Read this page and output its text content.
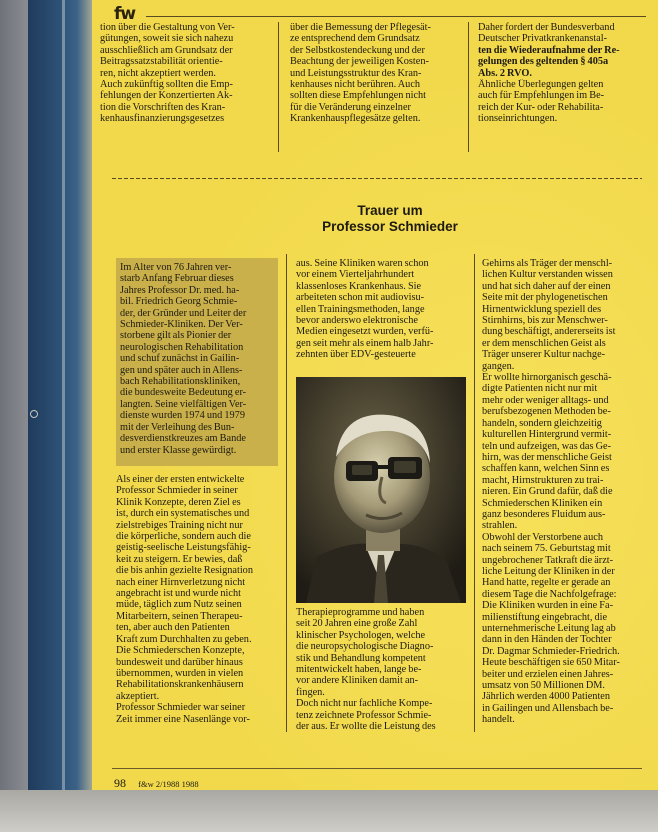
fw
tion über die Gestaltung von Ver-
gütungen, soweit sie sich nahezu
ausschließlich am Grundsatz der
Beitragssatzstabilität orientie-
ren, nicht akzeptiert werden.
Auch zukünftig sollten die Emp-
fehlungen der Konzertierten Ak-
tion die Vorschriften des Kran-
kenhausfinanzierungsgesetzes
über die Bemessung der Pflegesät-
ze entsprechend dem Grundsatz
der Selbstkostendeckung und der
Beachtung der jeweiligen Kosten-
und Leistungsstruktur des Kran-
kenhauses nicht berühren. Auch
sollten diese Empfehlungen nicht
für die Veränderung einzelner
Krankenhauspflegesätze gelten.
Daher fordert der Bundesverband
Deutscher Privatkrankenanstal-
ten die Wiederaufnahme der Re-
gelungen des geltenden § 405a
Abs. 2 RVO.
Ähnliche Überlegungen gelten
auch für Empfehlungen im Be-
reich der Kur- oder Rehabilita-
tionseinrichtungen.
Trauer um
Professor Schmieder
Im Alter von 76 Jahren ver-
starb Anfang Februar dieses
Jahres Professor Dr. med. ha-
bil. Friedrich Georg Schmie-
der, der Gründer und Leiter der
Schmieder-Kliniken. Der Ver-
storbene gilt als Pionier der
neurologischen Rehabilitation
und schuf zunächst in Gailin-
gen und später auch in Allens-
bach Rehabilitationskliniken,
die bundesweite Bedeutung er-
langten. Seine vielfältigen Ver-
dienste wurden 1974 und 1979
mit der Verleihung des Bun-
desverdienstkreuzes am Bande
und erster Klasse gewürdigt.
Als einer der ersten entwickelte
Professor Schmieder in seiner
Klinik Konzepte, deren Ziel es
ist, durch ein systematisches und
zielstrebiges Training nicht nur
die körperliche, sondern auch die
geistig-seelische Leistungsfähig-
keit zu steigern. Er bewies, daß
die bis anhin gezielte Resignation
nach einer Hirnverletzung nicht
angebracht ist und wurde nicht
müde, täglich zum Nutz seinen
Mitarbeitern, seinen Therapeu-
ten, aber auch den Patienten
Kraft zum Durchhalten zu geben.
Die Schmiederschen Konzepte,
bundesweit und darüber hinaus
übernommen, wurden in vielen
Rehabilitationskrankenhäusern
akzeptiert.
Professor Schmieder war seiner
Zeit immer eine Nasenlänge vor-
aus. Seine Kliniken waren schon
vor einem Vierteljahrhundert
klassenloses Krankenhaus. Sie
arbeiteten schon mit audiovisu-
ellen Trainingsmethoden, lange
bevor anderswo elektronische
Medien eingesetzt wurden, verfü-
gen seit mehr als einem halb Jahr-
zehnten über EDV-gesteuerte
Therapieprogramme und haben
seit 20 Jahren eine große Zahl
klinischer Psychologen, welche
die neuropsychologische Diagno-
stik und Behandlung kompetent
mitentwickelt haben, lange be-
vor andere Kliniken damit an-
fingen.
Doch nicht nur fachliche Kompe-
tenz zeichnete Professor Schmie-
der aus. Er wollte die Leistung des
Gehirns als Träger der menschl-
lichen Kultur verstanden wissen
und hat sich daher auf der einen
Seite mit der phylogenetischen
Hirnentwicklung speziell des
Stirnhirns, bis zur Menschwer-
dung beschäftigt, andererseits ist
er dem menschlichen Geist als
Träger unserer Kultur nachge-
gangen.
Er wollte hirnorganisch geschä-
digte Patienten nicht nur mit
mehr oder weniger alltags- und
berufsbezogenen Methoden be-
handeln, sondern gleichzeitig
kulturellen Hintergrund vermit-
teln und aufzeigen, was das Ge-
hirn, was der menschliche Geist
schaffen kann, welchen Sinn es
macht, Hirnstrukturen zu trai-
nieren. Ein Grund dafür, daß die
Schmiederschen Kliniken ein
ganz besonderes Fluidum aus-
strahlen.
Obwohl der Verstorbene auch
nach seinem 75. Geburtstag mit
ungebrochener Tatkraft die ärzt-
liche Leitung der Kliniken in der
Hand hatte, regelte er gerade an
diesem Tage die Nachfolgefrage:
Die Kliniken wurden in eine Fa-
milienstiftung eingebracht, die
unternehmerische Leitung lag ab
dann in den Händen der Tochter
Dr. Dagmar Schmieder-Friedrich.
Heute beschäftigen sie 650 Mitar-
beiter und erzielen einen Jahres-
umsatz von 50 Millionen DM.
Jährlich werden 4000 Patienten
in Gailingen und Allensbach be-
handelt.
98 f&w 2/1988 1988
